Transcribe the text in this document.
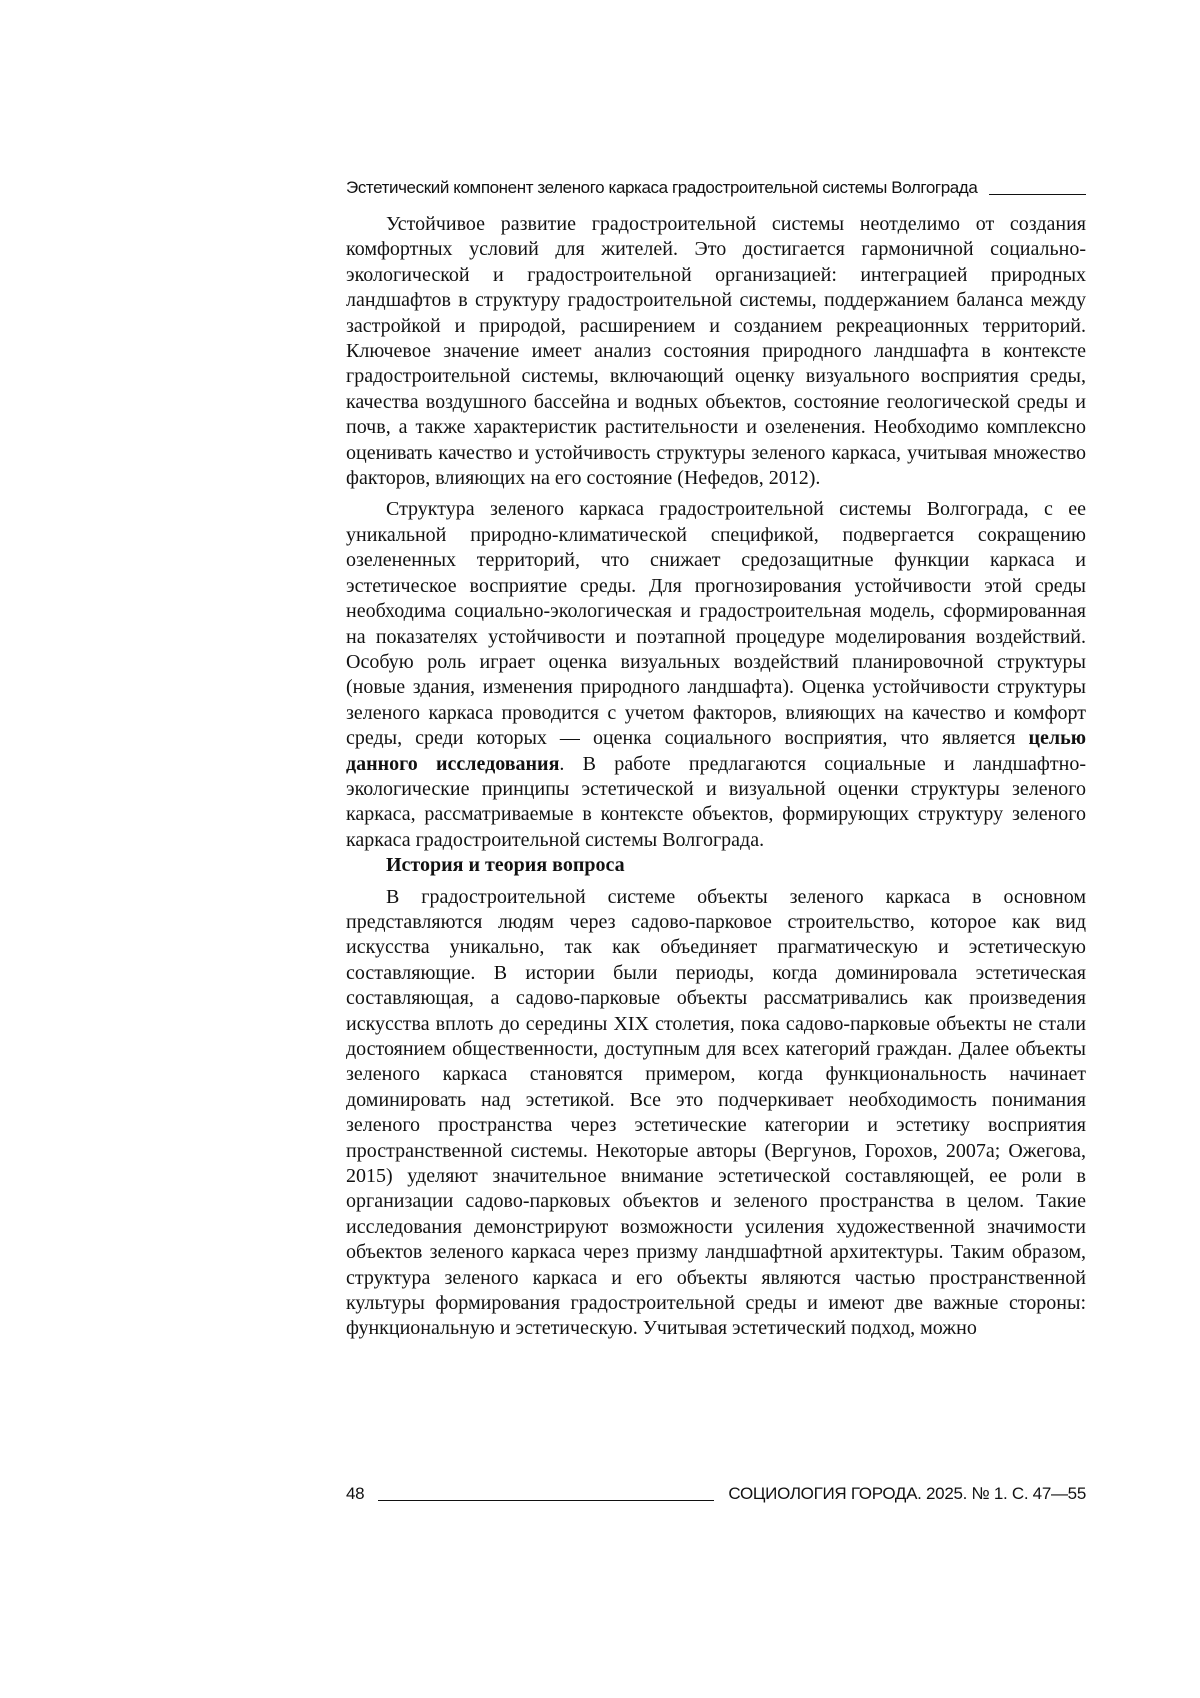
Эстетический компонент зеленого каркаса градостроительной системы Волгограда

Устойчивое развитие градостроительной системы неотделимо от создания комфортных условий для жителей. Это достигается гармоничной социально-экологической и градостроительной организацией: интеграцией природных ландшафтов в структуру градостроительной системы, поддержанием баланса между застройкой и природой, расширением и созданием рекреационных территорий. Ключевое значение имеет анализ состояния природного ландшафта в контексте градостроительной системы, включающий оценку визуального восприятия среды, качества воздушного бассейна и водных объектов, состояние геологической среды и почв, а также характеристик растительности и озеленения. Необходимо комплексно оценивать качество и устойчивость структуры зеленого каркаса, учитывая множество факторов, влияющих на его состояние (Нефедов, 2012).

Структура зеленого каркаса градостроительной системы Волгограда, с ее уникальной природно-климатической спецификой, подвергается сокращению озелененных территорий, что снижает средозащитные функции каркаса и эстетическое восприятие среды. Для прогнозирования устойчивости этой среды необходима социально-экологическая и градостроительная модель, сформированная на показателях устойчивости и поэтапной процедуре моделирования воздействий. Особую роль играет оценка визуальных воздействий планировочной структуры (новые здания, изменения природного ландшафта). Оценка устойчивости структуры зеленого каркаса проводится с учетом факторов, влияющих на качество и комфорт среды, среди которых — оценка социального восприятия, что является целью данного исследования. В работе предлагаются социальные и ландшафтно-экологические принципы эстетической и визуальной оценки структуры зеленого каркаса, рассматриваемые в контексте объектов, формирующих структуру зеленого каркаса градостроительной системы Волгограда.

История и теория вопроса

В градостроительной системе объекты зеленого каркаса в основном представляются людям через садово-парковое строительство, которое как вид искусства уникально, так как объединяет прагматическую и эстетическую составляющие. В истории были периоды, когда доминировала эстетическая составляющая, а садово-парковые объекты рассматривались как произведения искусства вплоть до середины XIX столетия, пока садово-парковые объекты не стали достоянием общественности, доступным для всех категорий граждан. Далее объекты зеленого каркаса становятся примером, когда функциональность начинает доминировать над эстетикой. Все это подчеркивает необходимость понимания зеленого пространства через эстетические категории и эстетику восприятия пространственной системы. Некоторые авторы (Вергунов, Горохов, 2007а; Ожегова, 2015) уделяют значительное внимание эстетической составляющей, ее роли в организации садово-парковых объектов и зеленого пространства в целом. Такие исследования демонстрируют возможности усиления художественной значимости объектов зеленого каркаса через призму ландшафтной архитектуры. Таким образом, структура зеленого каркаса и его объекты являются частью пространственной культуры формирования градостроительной среды и имеют две важные стороны: функциональную и эстетическую. Учитывая эстетический подход, можно

48	СОЦИОЛОГИЯ ГОРОДА. 2025. № 1. С. 47—55
